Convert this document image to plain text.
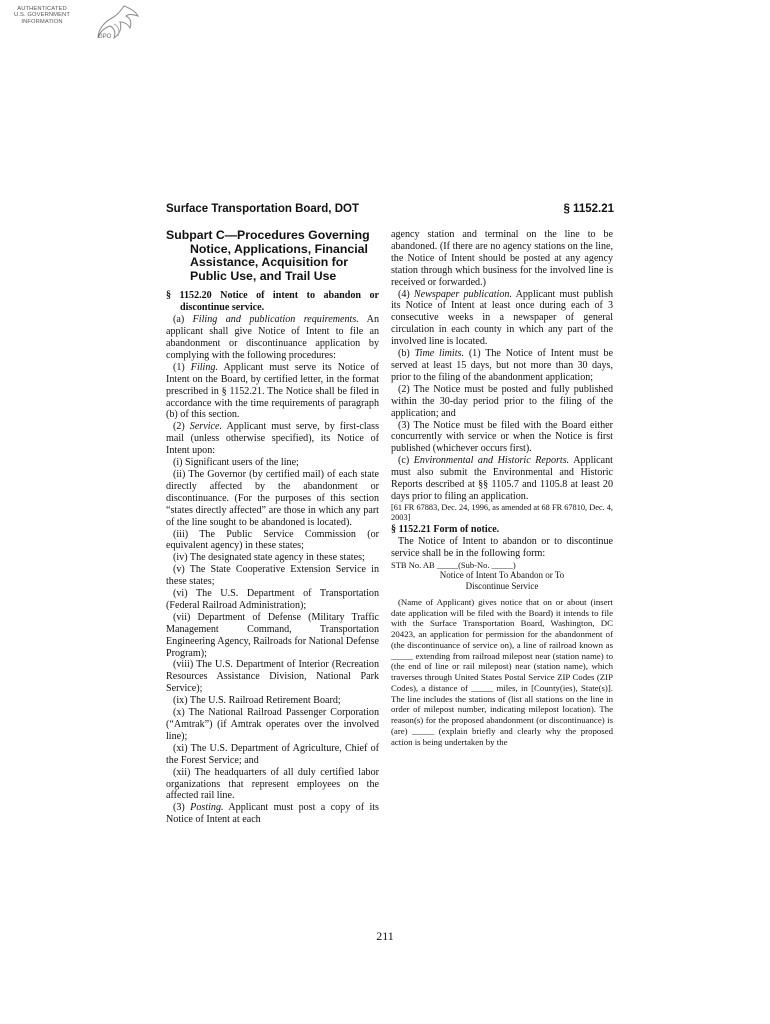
AUTHENTICATED
U.S. GOVERNMENT
INFORMATION
GPO
Surface Transportation Board, DOT	§ 1152.21
Subpart C—Procedures Governing Notice, Applications, Financial Assistance, Acquisition for Public Use, and Trail Use

§ 1152.20 Notice of intent to abandon or discontinue service.

(a) Filing and publication requirements. An applicant shall give Notice of Intent to file an abandonment or discontinuance application by complying with the following procedures:

(1) Filing. Applicant must serve its Notice of Intent on the Board, by certified letter, in the format prescribed in § 1152.21. The Notice shall be filed in accordance with the time requirements of paragraph (b) of this section.

(2) Service. Applicant must serve, by first-class mail (unless otherwise specified), its Notice of Intent upon:

(i) Significant users of the line;

(ii) The Governor (by certified mail) of each state directly affected by the abandonment or discontinuance. (For the purposes of this section “states directly affected” are those in which any part of the line sought to be abandoned is located).

(iii) The Public Service Commission (or equivalent agency) in these states;

(iv) The designated state agency in these states;

(v) The State Cooperative Extension Service in these states;

(vi) The U.S. Department of Transportation (Federal Railroad Administration);

(vii) Department of Defense (Military Traffic Management Command, Transportation Engineering Agency, Railroads for National Defense Program);

(viii) The U.S. Department of Interior (Recreation Resources Assistance Division, National Park Service);

(ix) The U.S. Railroad Retirement Board;

(x) The National Railroad Passenger Corporation (“Amtrak”) (if Amtrak operates over the involved line);

(xi) The U.S. Department of Agriculture, Chief of the Forest Service; and

(xii) The headquarters of all duly certified labor organizations that represent employees on the affected rail line.

(3) Posting. Applicant must post a copy of its Notice of Intent at each

agency station and terminal on the line to be abandoned. (If there are no agency stations on the line, the Notice of Intent should be posted at any agency station through which business for the involved line is received or forwarded.)

(4) Newspaper publication. Applicant must publish its Notice of Intent at least once during each of 3 consecutive weeks in a newspaper of general circulation in each county in which any part of the involved line is located.

(b) Time limits. (1) The Notice of Intent must be served at least 15 days, but not more than 30 days, prior to the filing of the abandonment application;

(2) The Notice must be posted and fully published within the 30-day period prior to the filing of the application; and

(3) The Notice must be filed with the Board either concurrently with service or when the Notice is first published (whichever occurs first).

(c) Environmental and Historic Reports. Applicant must also submit the Environmental and Historic Reports described at §§ 1105.7 and 1105.8 at least 20 days prior to filing an application.

[61 FR 67883, Dec. 24, 1996, as amended at 68 FR 67810, Dec. 4, 2003]

§ 1152.21 Form of notice.

The Notice of Intent to abandon or to discontinue service shall be in the following form:

STB No. AB _____(Sub-No. _____)

Notice of Intent To Abandon or To
Discontinue Service

(Name of Applicant) gives notice that on or about (insert date application will be filed with the Board) it intends to file with the Surface Transportation Board, Washington, DC 20423, an application for permission for the abandonment of (the discontinuance of service on), a line of railroad known as _____ extending from railroad milepost near (station name) to (the end of line or rail milepost) near (station name), which traverses through United States Postal Service ZIP Codes (ZIP Codes), a distance of _____ miles, in [County(ies), State(s)]. The line includes the stations of (list all stations on the line in order of milepost number, indicating milepost location). The reason(s) for the proposed abandonment (or discontinuance) is (are) _____ (explain briefly and clearly why the proposed action is being undertaken by the

211
